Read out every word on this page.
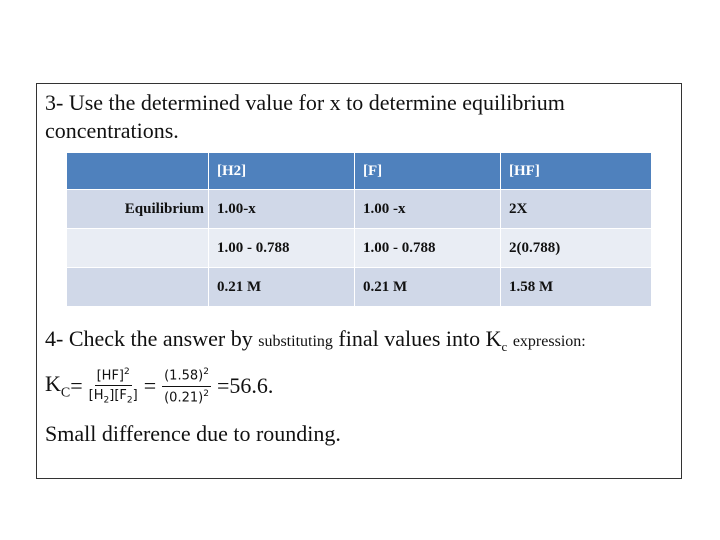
3- Use the determined value for x to determine equilibrium concentrations.

	[H2]	[F]	[HF]
Equilibrium	1.00-x	1.00 -x	2X
	1.00 - 0.788	1.00 - 0.788	2(0.788)
	0.21 M	0.21 M	1.58 M
4- Check the answer by substituting final values into $K_c$ expression:
$K_C = \frac{[HF]^2}{[H_2][F_2]} = \frac{(1.58)^2}{(0.21)^2} =56.6$.
Small difference due to rounding.
